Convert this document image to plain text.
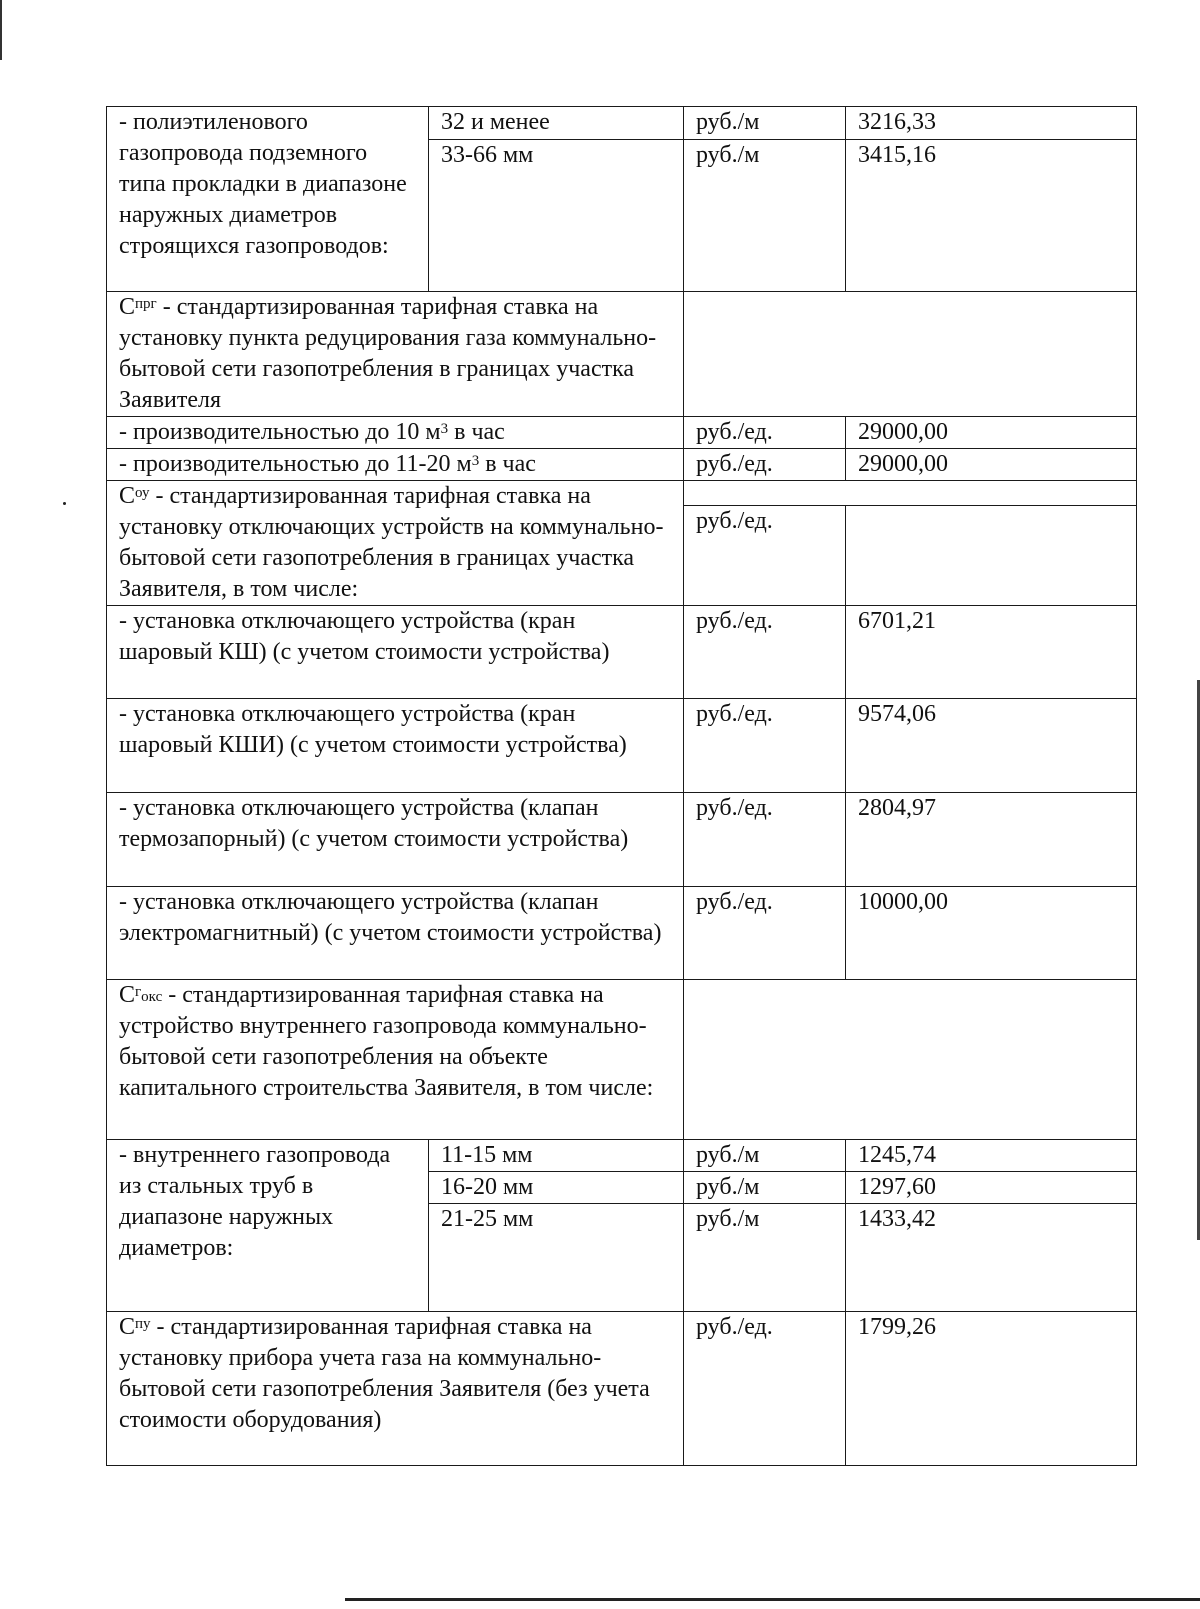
- полиэтиленового газопровода подземного типа прокладки в диапазоне наружных диаметров строящихся газопроводов:	32 и менее	руб./м	3216,33
	33-66 мм	руб./м	3415,16
$С^{прг}$ - стандартизированная тарифная ставка на установку пункта редуцирования газа коммунально-бытовой сети газопотребления в границах участка Заявителя			
- производительностью до 10 $м^3$ в час		руб./ед.	29000,00
- производительностью до 11-20 $м^3$ в час		руб./ед.	29000,00
$С^{оу}$ - стандартизированная тарифная ставка на установку отключающих устройств на коммунально-бытовой сети газопотребления в границах участка Заявителя, в том числе:			
		руб./ед.	
- установка отключающего устройства (кран шаровый КШ) (с учетом стоимости устройства)		руб./ед.	6701,21
- установка отключающего устройства (кран шаровый КШИ) (с учетом стоимости устройства)		руб./ед.	9574,06
- установка отключающего устройства (клапан термозапорный) (с учетом стоимости устройства)		руб./ед.	2804,97
- установка отключающего устройства (клапан электромагнитный) (с учетом стоимости устройства)		руб./ед.	10000,00
$С^гокс$ - стандартизированная тарифная ставка на устройство внутреннего газопровода коммунально-бытовой сети газопотребления на объекте капитального строительства Заявителя, в том числе:			
- внутреннего газопровода из стальных труб в диапазоне наружных диаметров:	11-15 мм	руб./м	1245,74
	16-20 мм	руб./м	1297,60
	21-25 мм	руб./м	1433,42
$С^{пу}$ - стандартизированная тарифная ставка на установку прибора учета газа на коммунально-бытовой сети газопотребления Заявителя (без учета стоимости оборудования)		руб./ед.	1799,26
